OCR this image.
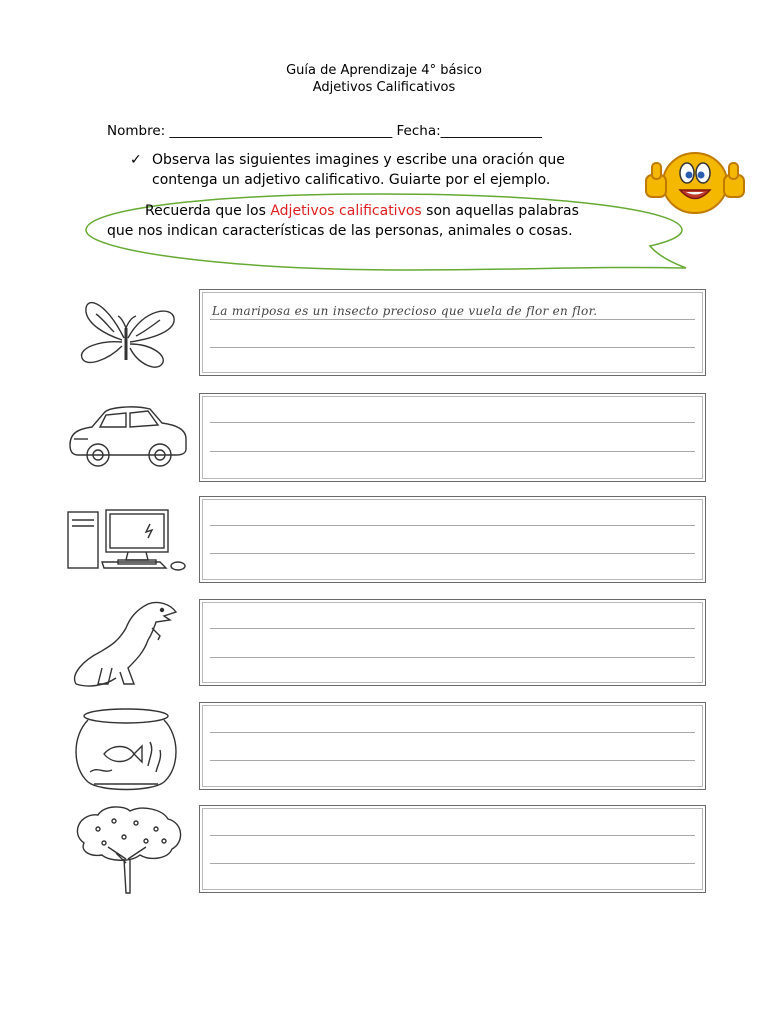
Guía de Aprendizaje 4° básico
Adjetivos Calificativos
Nombre: _________________________________ Fecha:_______________
✓ Observa las siguientes imagines y escribe una oración que
contenga un adjetivo calificativo. Guiarte por el ejemplo.
Recuerda que los Adjetivos calificativos son aquellas palabras
que nos indican características de las personas, animales o cosas.
La mariposa es un insecto precioso que vuela de flor en flor.
